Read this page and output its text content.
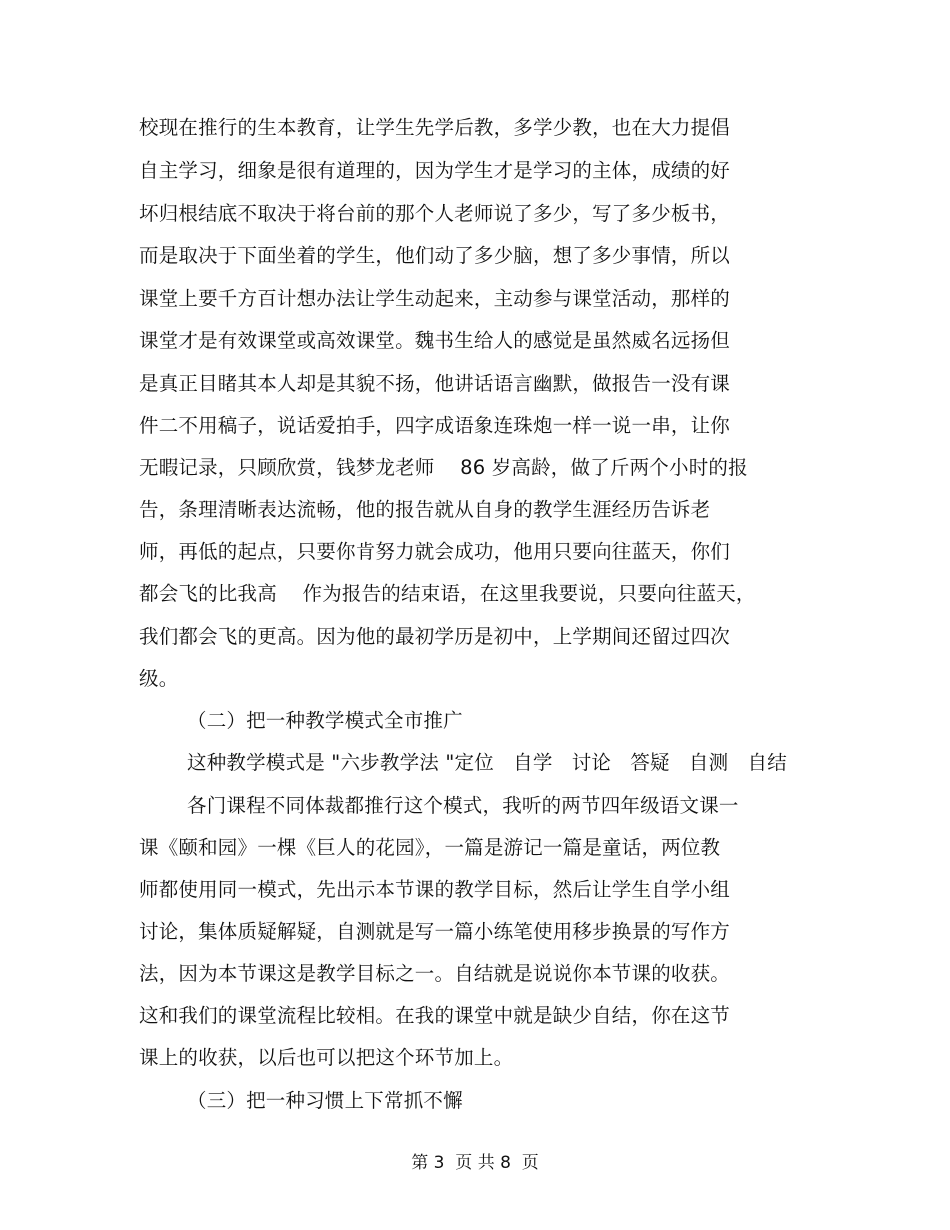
校现在推行的生本教育，让学生先学后教，多学少教，也在大力提倡
自主学习，细象是很有道理的，因为学生才是学习的主体，成绩的好
坏归根结底不取决于将台前的那个人老师说了多少，写了多少板书，
而是取决于下面坐着的学生，他们动了多少脑，想了多少事情，所以
课堂上要千方百计想办法让学生动起来，主动参与课堂活动，那样的
课堂才是有效课堂或高效课堂。魏书生给人的感觉是虽然威名远扬但
是真正目睹其本人却是其貌不扬，他讲话语言幽默，做报告一没有课
件二不用稿子，说话爱拍手，四字成语象连珠炮一样一说一串，让你
无暇记录，只顾欣赏，钱梦龙老师    86 岁高龄，做了斤两个小时的报
告，条理清晰表达流畅，他的报告就从自身的教学生涯经历告诉老
师，再低的起点，只要你肯努力就会成功，他用只要向往蓝天，你们
都会飞的比我高    作为报告的结束语，在这里我要说，只要向往蓝天，
我们都会飞的更高。因为他的最初学历是初中，上学期间还留过四次
级。
（二）把一种教学模式全市推广
这种教学模式是 "六步教学法 "定位   自学   讨论   答疑   自测   自结
各门课程不同体裁都推行这个模式，我听的两节四年级语文课一
课《颐和园》一棵《巨人的花园》，一篇是游记一篇是童话，两位教
师都使用同一模式，先出示本节课的教学目标，然后让学生自学小组
讨论，集体质疑解疑，自测就是写一篇小练笔使用移步换景的写作方
法，因为本节课这是教学目标之一。自结就是说说你本节课的收获。
这和我们的课堂流程比较相。在我的课堂中就是缺少自结，你在这节
课上的收获，以后也可以把这个环节加上。
（三）把一种习惯上下常抓不懈
第 3  页 共 8  页
